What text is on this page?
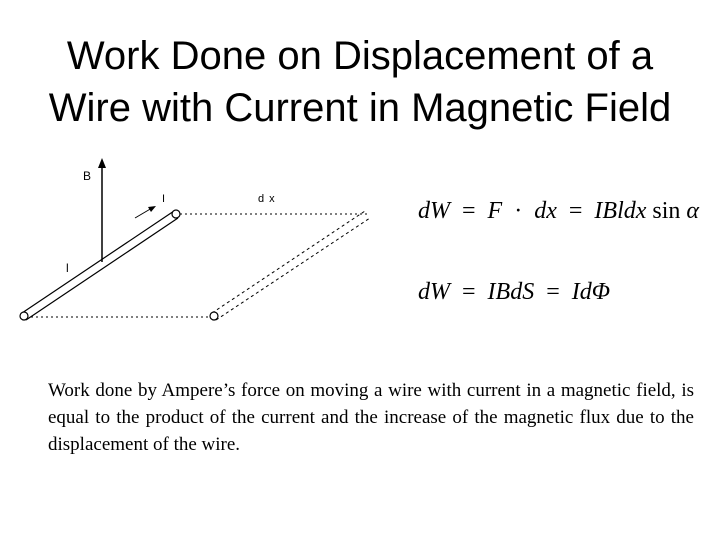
Work Done on Displacement of a
Wire with Current in Magnetic Field
B
I	d x
l
dW = F · dx = IBldx sin α
dW = IBdS = IdΦ

Work done by Ampere’s force on moving a wire with current in a magnetic field, is equal to the product of the current and the increase of the magnetic flux due to the displacement of the wire.
